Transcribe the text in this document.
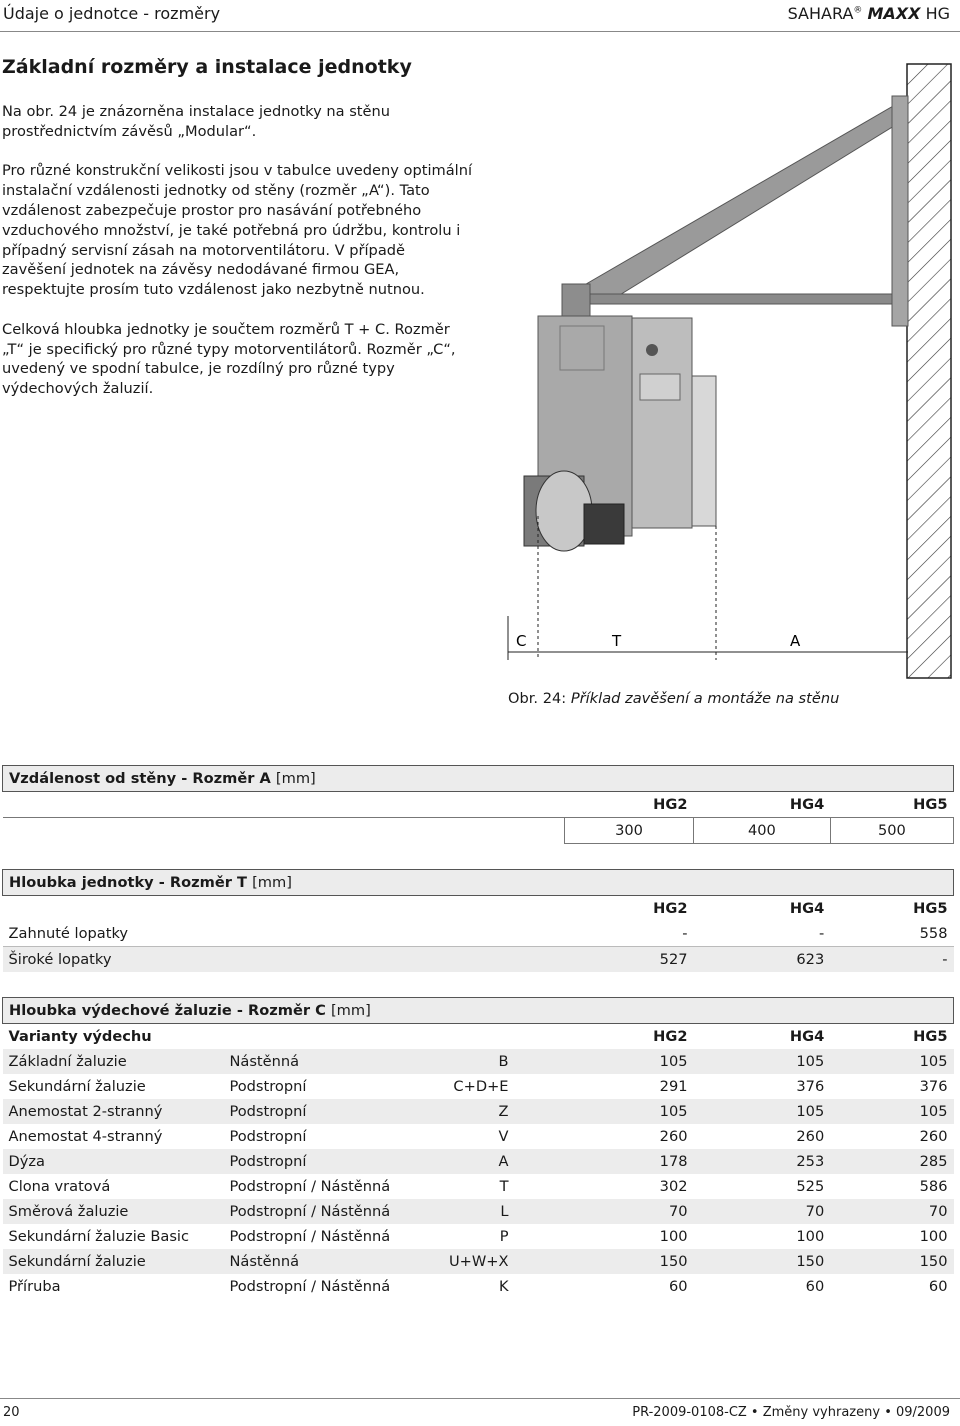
Údaje o jednotce - rozměry	SAHARA® MAXX HG
Základní rozměry a instalace jednotky

Na obr. 24 je znázorněna instalace jednotky na stěnu prostřednictvím závěsů „Modular“.

Pro různé konstrukční velikosti jsou v tabulce uvedeny optimální instalační vzdálenosti jednotky od stěny (rozměr „A“). Tato vzdálenost zabezpečuje prostor pro nasávání potřebného vzduchového množství, je také potřebná pro údržbu, kontrolu i případný servisní zásah na motorventilátoru. V případě zavěšení jednotek na závěsy nedodávané firmou GEA, respektujte prosím tuto vzdálenost jako nezbytně nutnou.

Celková hloubka jednotky je součtem rozměrů T + C. Rozměr „T“ je specifický pro různé typy motorventilátorů. Rozměr „C“, uvedený ve spodní tabulce, je rozdílný pro různé typy výdechových žaluzií.

C	T	A
Obr. 24: Příklad zavěšení a montáže na stěnu
Vzdálenost od stěny - Rozměr A [mm]					
			HG2	HG4	HG5
			300	400	500

Hloubka jednotky - Rozměr T [mm]					
			HG2	HG4	HG5
Zahnuté lopatky			-	-	558
Široké lopatky			527	623	-

Hloubka výdechové žaluzie - Rozměr C [mm]					
Varianty výdechu			HG2	HG4	HG5
Základní žaluzie	Nástěnná	B	105	105	105
Sekundární žaluzie	Podstropní	C+D+E	291	376	376
Anemostat 2-stranný	Podstropní	Z	105	105	105
Anemostat 4-stranný	Podstropní	V	260	260	260
Dýza	Podstropní	A	178	253	285
Clona vratová	Podstropní / Nástěnná	T	302	525	586
Směrová žaluzie	Podstropní / Nástěnná	L	70	70	70
Sekundární žaluzie Basic	Podstropní / Nástěnná	P	100	100	100
Sekundární žaluzie	Nástěnná	U+W+X	150	150	150
Příruba	Podstropní / Nástěnná	K	60	60	60
20	PR-2009-0108-CZ • Změny vyhrazeny • 09/2009
